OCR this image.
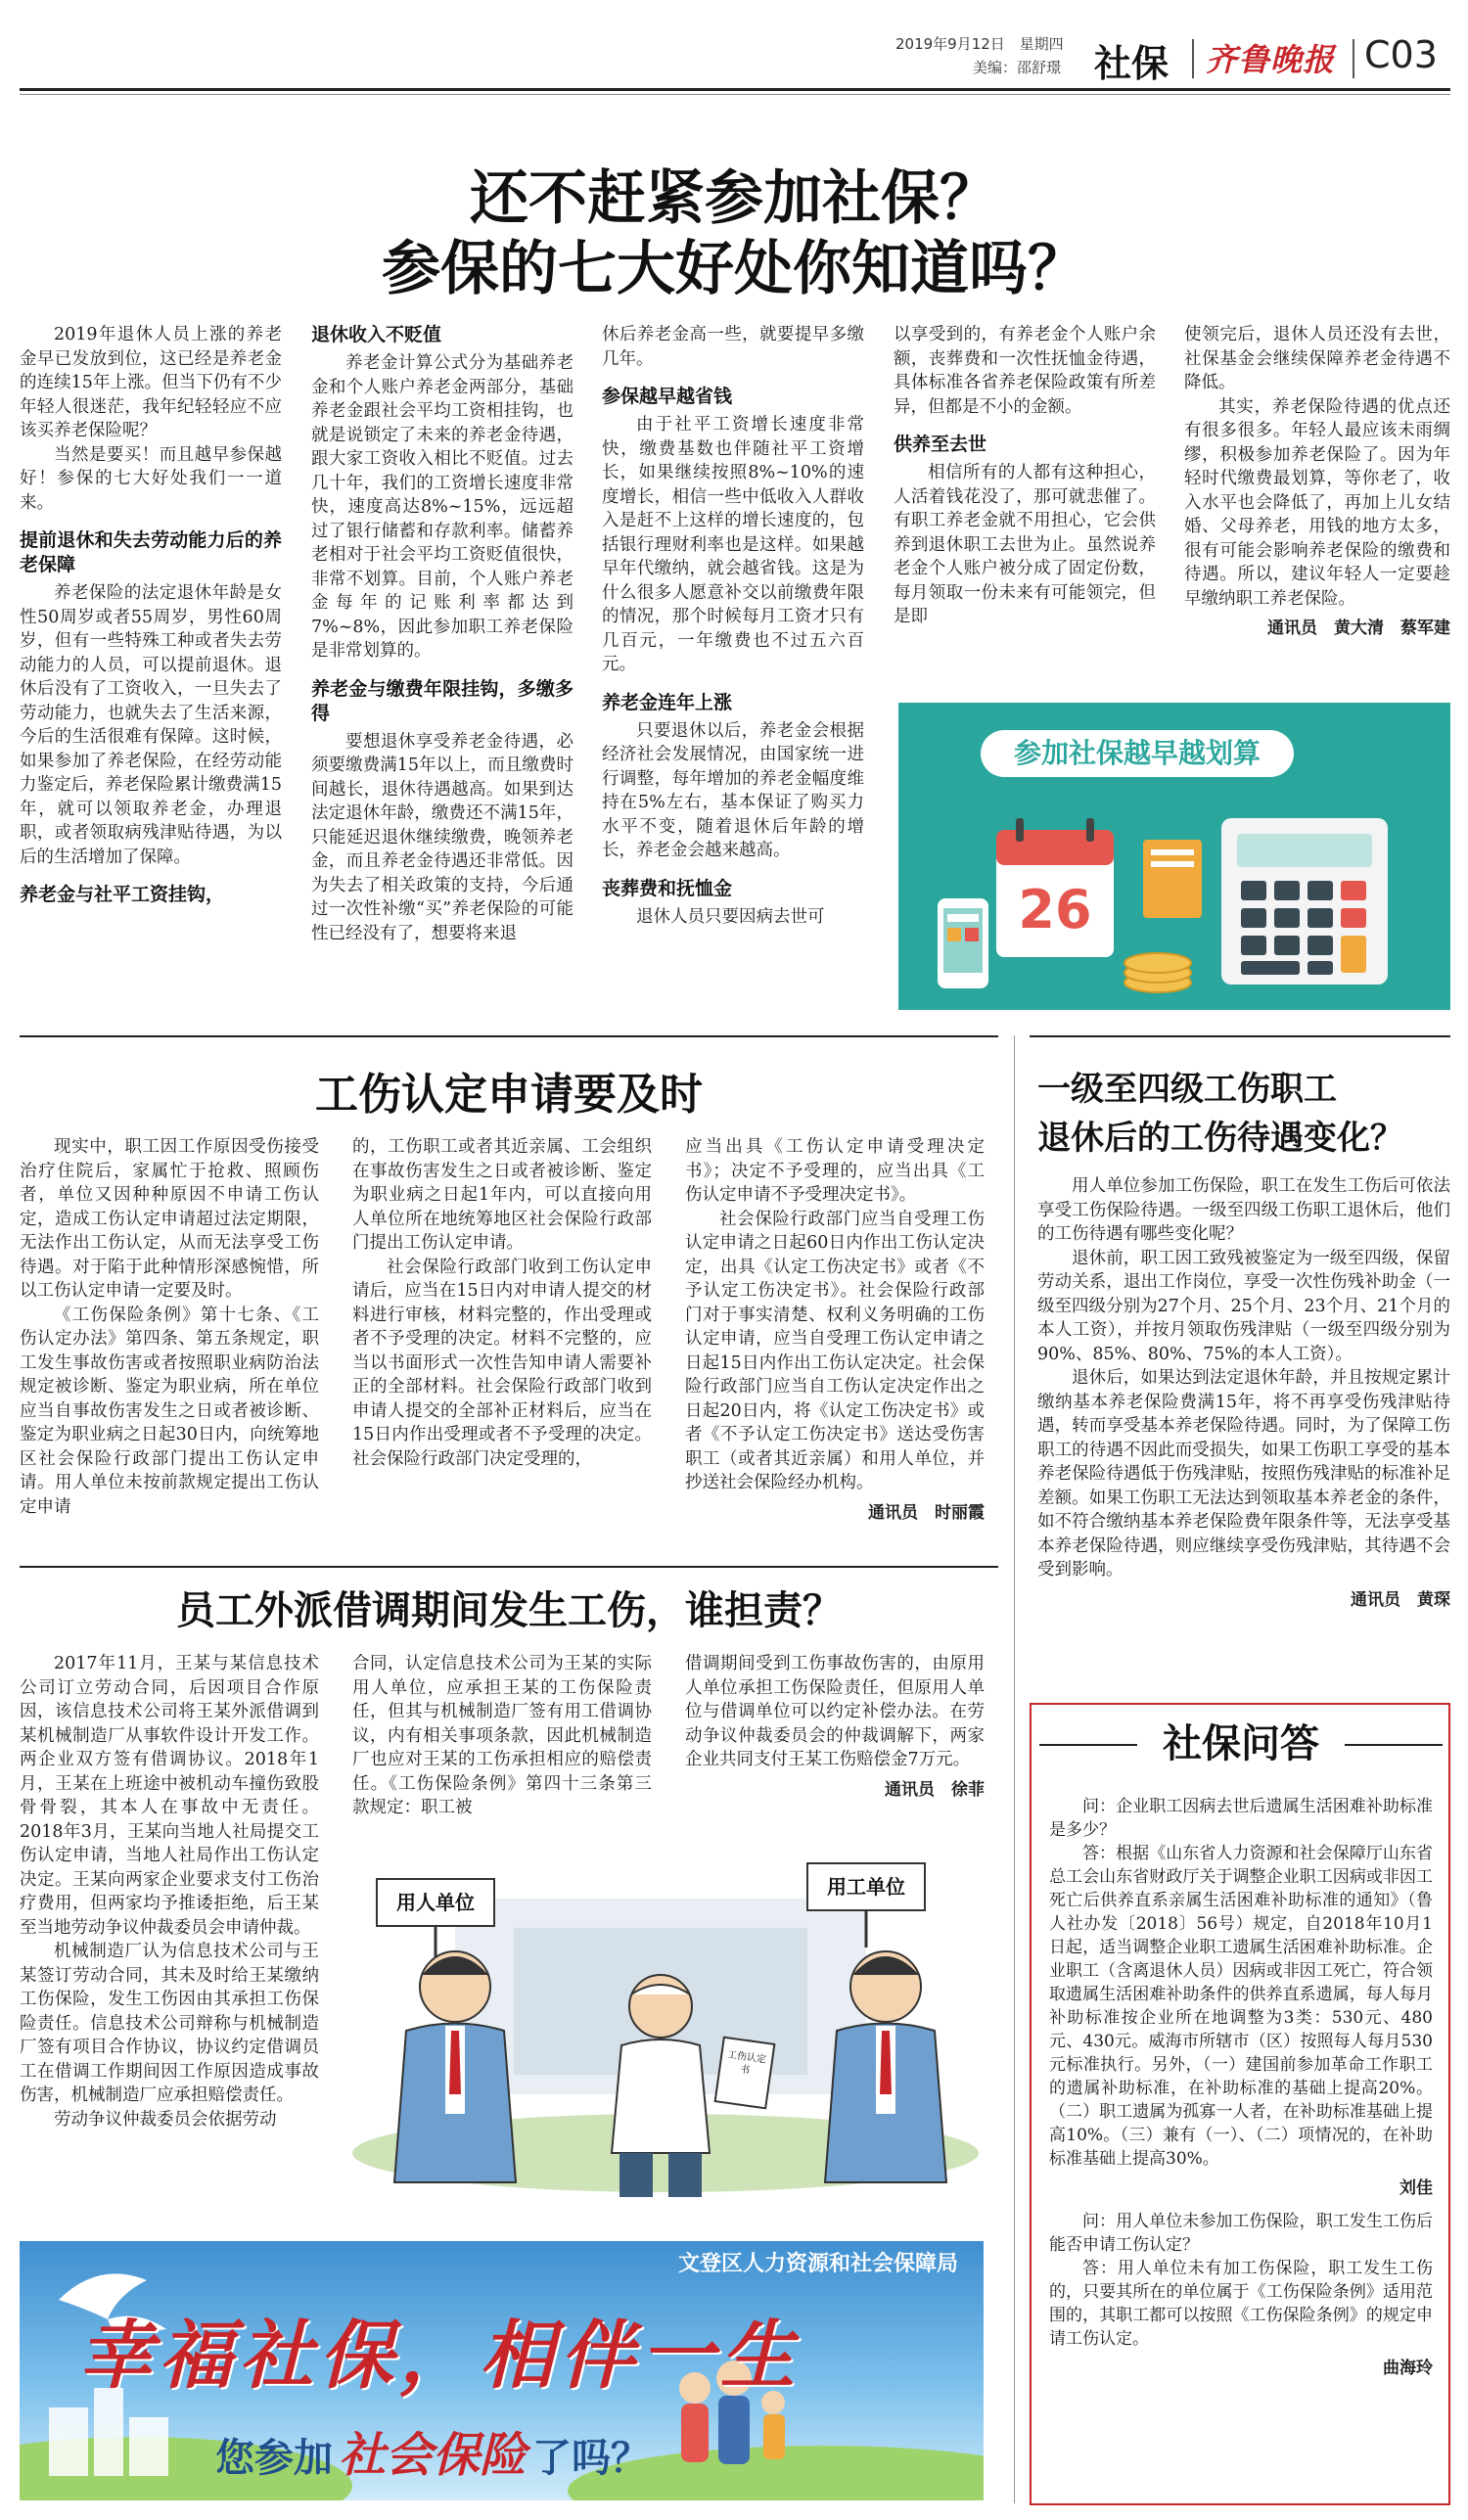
2019年9月12日 星期四
美编：邵舒璟 社保 齐鲁晚报 C03
还不赶紧参加社保？
参保的七大好处你知道吗？

2019年退休人员上涨的养老金早已发放到位，这已经是养老金的连续15年上涨。但当下仍有不少年轻人很迷茫，我年纪轻轻应不应该买养老保险呢？

当然是要买！而且越早参保越好！参保的七大好处我们一一道来。

提前退休和失去劳动能力后的养老保障

养老保险的法定退休年龄是女性50周岁或者55周岁，男性60周岁，但有一些特殊工种或者失去劳动能力的人员，可以提前退休。退休后没有了工资收入，一旦失去了劳动能力，也就失去了生活来源，今后的生活很难有保障。这时候，如果参加了养老保险，在经劳动能力鉴定后，养老保险累计缴费满15年，就可以领取养老金，办理退职，或者领取病残津贴待遇，为以后的生活增加了保障。

养老金与社平工资挂钩，
退休收入不贬值

养老金计算公式分为基础养老金和个人账户养老金两部分，基础养老金跟社会平均工资相挂钩，也就是说锁定了未来的养老金待遇，跟大家工资收入相比不贬值。过去几十年，我们的工资增长速度非常快，速度高达8%~15%，远远超过了银行储蓄和存款利率。储蓄养老相对于社会平均工资贬值很快，非常不划算。目前，个人账户养老金每年的记账利率都达到7%~8%，因此参加职工养老保险是非常划算的。

养老金与缴费年限挂钩，多缴多得

要想退休享受养老金待遇，必须要缴费满15年以上，而且缴费时间越长，退休待遇越高。如果到达法定退休年龄，缴费还不满15年，只能延迟退休继续缴费，晚领养老金，而且养老金待遇还非常低。因为失去了相关政策的支持，今后通过一次性补缴“买”养老保险的可能性已经没有了，想要将来退

休后养老金高一些，就要提早多缴几年。

参保越早越省钱

由于社平工资增长速度非常快，缴费基数也伴随社平工资增长，如果继续按照8%~10%的速度增长，相信一些中低收入人群收入是赶不上这样的增长速度的，包括银行理财利率也是这样。如果越早年代缴纳，就会越省钱。这是为什么很多人愿意补交以前缴费年限的情况，那个时候每月工资才只有几百元，一年缴费也不过五六百元。

养老金连年上涨

只要退休以后，养老金会根据经济社会发展情况，由国家统一进行调整，每年增加的养老金幅度维持在5%左右，基本保证了购买力水平不变，随着退休后年龄的增长，养老金会越来越高。

丧葬费和抚恤金

退休人员只要因病去世可

以享受到的，有养老金个人账户余额，丧葬费和一次性抚恤金待遇，具体标准各省养老保险政策有所差异，但都是不小的金额。

供养至去世

相信所有的人都有这种担心，人活着钱花没了，那可就悲催了。有职工养老金就不用担心，它会供养到退休职工去世为止。虽然说养老金个人账户被分成了固定份数，每月领取一份未来有可能领完，但是即

使领完后，退休人员还没有去世，社保基金会继续保障养老金待遇不降低。

其实，养老保险待遇的优点还有很多很多。年轻人最应该未雨绸缪，积极参加养老保险了。因为年轻时代缴费最划算，等你老了，收入水平也会降低了，再加上儿女结婚、父母养老，用钱的地方太多，很有可能会影响养老保险的缴费和待遇。所以，建议年轻人一定要趁早缴纳职工养老保险。

通讯员　黄大清　蔡军建
参加社保越早越划算
26
工伤认定申请要及时

现实中，职工因工作原因受伤接受治疗住院后，家属忙于抢救、照顾伤者，单位又因种种原因不申请工伤认定，造成工伤认定申请超过法定期限，无法作出工伤认定，从而无法享受工伤待遇。对于陷于此种情形深感惋惜，所以工伤认定申请一定要及时。

《工伤保险条例》第十七条、《工伤认定办法》第四条、第五条规定，职工发生事故伤害或者按照职业病防治法规定被诊断、鉴定为职业病，所在单位应当自事故伤害发生之日或者被诊断、鉴定为职业病之日起30日内，向统筹地区社会保险行政部门提出工伤认定申请。用人单位未按前款规定提出工伤认定申请

的，工伤职工或者其近亲属、工会组织在事故伤害发生之日或者被诊断、鉴定为职业病之日起1年内，可以直接向用人单位所在地统筹地区社会保险行政部门提出工伤认定申请。

社会保险行政部门收到工伤认定申请后，应当在15日内对申请人提交的材料进行审核，材料完整的，作出受理或者不予受理的决定。材料不完整的，应当以书面形式一次性告知申请人需要补正的全部材料。社会保险行政部门收到申请人提交的全部补正材料后，应当在15日内作出受理或者不予受理的决定。社会保险行政部门决定受理的，

应当出具《工伤认定申请受理决定书》；决定不予受理的，应当出具《工伤认定申请不予受理决定书》。

社会保险行政部门应当自受理工伤认定申请之日起60日内作出工伤认定决定，出具《认定工伤决定书》或者《不予认定工伤决定书》。社会保险行政部门对于事实清楚、权利义务明确的工伤认定申请，应当自受理工伤认定申请之日起15日内作出工伤认定决定。社会保险行政部门应当自工伤认定决定作出之日起20日内，将《认定工伤决定书》或者《不予认定工伤决定书》送达受伤害职工（或者其近亲属）和用人单位，并抄送社会保险经办机构。

通讯员　时丽霞
一级至四级工伤职工
退休后的工伤待遇变化？

用人单位参加工伤保险，职工在发生工伤后可依法享受工伤保险待遇。一级至四级工伤职工退休后，他们的工伤待遇有哪些变化呢？

退休前，职工因工致残被鉴定为一级至四级，保留劳动关系，退出工作岗位，享受一次性伤残补助金（一级至四级分别为27个月、25个月、23个月、21个月的本人工资），并按月领取伤残津贴（一级至四级分别为90%、85%、80%、75%的本人工资）。

退休后，如果达到法定退休年龄，并且按规定累计缴纳基本养老保险费满15年，将不再享受伤残津贴待遇，转而享受基本养老保险待遇。同时，为了保障工伤职工的待遇不因此而受损失，如果工伤职工享受的基本养老保险待遇低于伤残津贴，按照伤残津贴的标准补足差额。如果工伤职工无法达到领取基本养老金的条件，如不符合缴纳基本养老保险费年限条件等，无法享受基本养老保险待遇，则应继续享受伤残津贴，其待遇不会受到影响。

通讯员　黄琛
员工外派借调期间发生工伤，谁担责？

2017年11月，王某与某信息技术公司订立劳动合同，后因项目合作原因，该信息技术公司将王某外派借调到某机械制造厂从事软件设计开发工作。两企业双方签有借调协议。2018年1月，王某在上班途中被机动车撞伤致股骨骨裂，其本人在事故中无责任。2018年3月，王某向当地人社局提交工伤认定申请，当地人社局作出工伤认定决定。王某向两家企业要求支付工伤治疗费用，但两家均予推诿拒绝，后王某至当地劳动争议仲裁委员会申请仲裁。

机械制造厂认为信息技术公司与王某签订劳动合同，其未及时给王某缴纳工伤保险，发生工伤因由其承担工伤保险责任。信息技术公司辩称与机械制造厂签有项目合作协议，协议约定借调员工在借调工作期间因工作原因造成事故伤害，机械制造厂应承担赔偿责任。

劳动争议仲裁委员会依据劳动

合同，认定信息技术公司为王某的实际用人单位，应承担王某的工伤保险责任，但其与机械制造厂签有用工借调协议，内有相关事项条款，因此机械制造厂也应对王某的工伤承担相应的赔偿责任。《工伤保险条例》第四十三条第三款规定：职工被

借调期间受到工伤事故伤害的，由原用人单位承担工伤保险责任，但原用人单位与借调单位可以约定补偿办法。在劳动争议仲裁委员会的仲裁调解下，两家企业共同支付王某工伤赔偿金7万元。

通讯员　徐菲
用人单位
用工单位
工伤认定书
社保问答

问：企业职工因病去世后遗属生活困难补助标准是多少？

答：根据《山东省人力资源和社会保障厅山东省总工会山东省财政厅关于调整企业职工因病或非因工死亡后供养直系亲属生活困难补助标准的通知》（鲁人社办发〔2018〕56号）规定，自2018年10月1日起，适当调整企业职工遗属生活困难补助标准。企业职工（含离退休人员）因病或非因工死亡，符合领取遗属生活困难补助条件的供养直系遗属，每人每月补助标准按企业所在地调整为3类：530元、480元、430元。威海市所辖市（区）按照每人每月530元标准执行。另外，（一）建国前参加革命工作职工的遗属补助标准，在补助标准的基础上提高20%。（二）职工遗属为孤寡一人者，在补助标准基础上提高10%。（三）兼有（一）、（二）项情况的，在补助标准基础上提高30%。

刘佳

问：用人单位未参加工伤保险，职工发生工伤后能否申请工伤认定？

答：用人单位未有加工伤保险，职工发生工伤的，只要其所在的单位属于《工伤保险条例》适用范围的，其职工都可以按照《工伤保险条例》的规定申请工伤认定。

曲海玲
文登区人力资源和社会保障局
幸福社保，相伴一生
您参加 社会保险 了吗？
